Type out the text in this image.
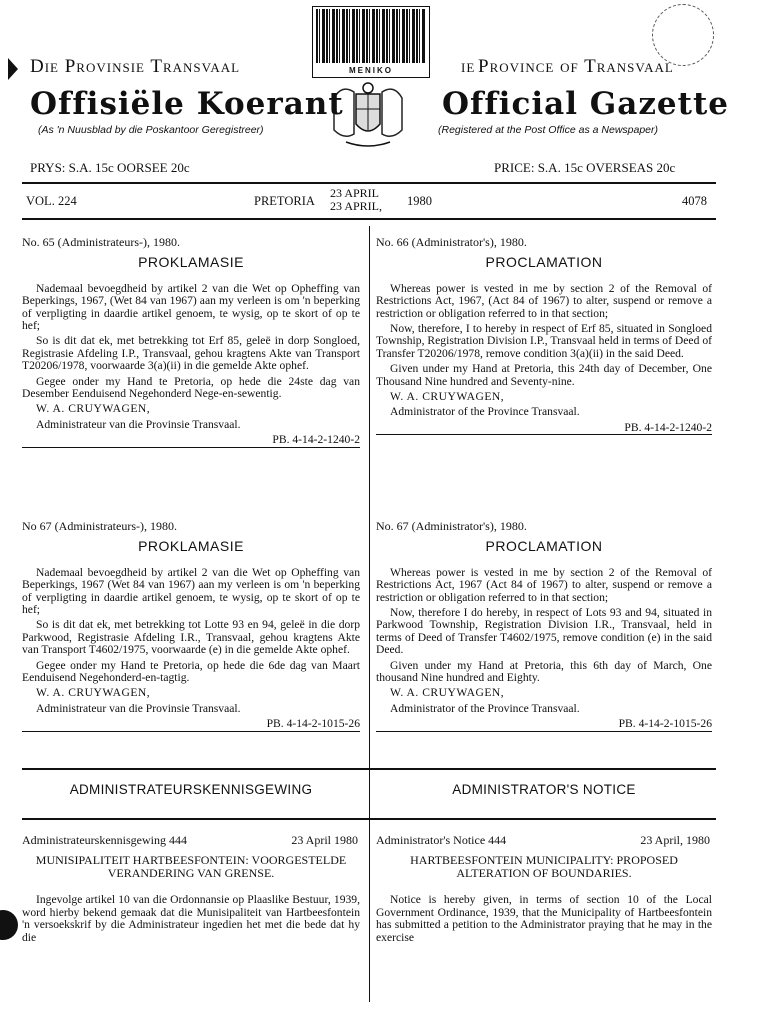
Die Provinsie Transvaal	ie Province of Transvaal
MENIKO
Offisiële Koerant	Official Gazette
(As 'n Nuusblad by die Poskantoor Geregistreer)	(Registered at the Post Office as a Newspaper)
PRYS: S.A. 15c OORSEE 20c	PRICE: S.A. 15c OVERSEAS 20c
VOL. 224	PRETORIA
23 APRIL
23 APRIL, 1980	4078
No. 65 (Administrateurs-), 1980.
PROKLAMASIE

Nademaal bevoegdheid by artikel 2 van die Wet op Opheffing van Beperkings, 1967, (Wet 84 van 1967) aan my verleen is om 'n beperking of verpligting in daardie artikel genoem, te wysig, op te skort of op te hef;

So is dit dat ek, met betrekking tot Erf 85, geleë in dorp Songloed, Registrasie Afdeling I.P., Transvaal, gehou kragtens Akte van Transport T20206/1978, voorwaarde 3(a)(ii) in die gemelde Akte ophef.

Gegee onder my Hand te Pretoria, op hede die 24ste dag van Desember Eenduisend Negehonderd Nege-en-sewentig.

W. A. CRUYWAGEN,

Administrateur van die Provinsie Transvaal.

PB. 4-14-2-1240-2
No. 66 (Administrator's), 1980.
PROCLAMATION

Whereas power is vested in me by section 2 of the Removal of Restrictions Act, 1967, (Act 84 of 1967) to alter, suspend or remove a restriction or obligation referred to in that section;

Now, therefore, I to hereby in respect of Erf 85, situated in Songloed Township, Registration Division I.P., Transvaal held in terms of Deed of Transfer T20206/1978, remove condition 3(a)(ii) in the said Deed.

Given under my Hand at Pretoria, this 24th day of December, One Thousand Nine hundred and Seventy-nine.

W. A. CRUYWAGEN,

Administrator of the Province Transvaal.

PB. 4-14-2-1240-2
No 67 (Administrateurs-), 1980.
PROKLAMASIE

Nademaal bevoegdheid by artikel 2 van die Wet op Opheffing van Beperkings, 1967 (Wet 84 van 1967) aan my verleen is om 'n beperking of verpligting in daardie artikel genoem, te wysig, op te skort of op te hef;

So is dit dat ek, met betrekking tot Lotte 93 en 94, geleë in die dorp Parkwood, Registrasie Afdeling I.R., Transvaal, gehou kragtens Akte van Transport T4602/1975, voorwaarde (e) in die gemelde Akte ophef.

Gegee onder my Hand te Pretoria, op hede die 6de dag van Maart Eenduisend Negehonderd-en-tagtig.

W. A. CRUYWAGEN,

Administrateur van die Provinsie Transvaal.

PB. 4-14-2-1015-26
No. 67 (Administrator's), 1980.
PROCLAMATION

Whereas power is vested in me by section 2 of the Removal of Restrictions Act, 1967 (Act 84 of 1967) to alter, suspend or remove a restriction or obligation referred to in that section;

Now, therefore I do hereby, in respect of Lots 93 and 94, situated in Parkwood Township, Registration Division I.R., Transvaal, held in terms of Deed of Transfer T4602/1975, remove condition (e) in the said Deed.

Given under my Hand at Pretoria, this 6th day of March, One thousand Nine hundred and Eighty.

W. A. CRUYWAGEN,

Administrator of the Province Transvaal.

PB. 4-14-2-1015-26
ADMINISTRATEURSKENNISGEWING	ADMINISTRATOR'S NOTICE
Administrateurskennisgewing 444	23 April 1980
MUNISIPALITEIT HARTBEESFONTEIN: VOORGESTELDE VERANDERING VAN GRENSE.

Ingevolge artikel 10 van die Ordonnansie op Plaaslike Bestuur, 1939, word hierby bekend gemaak dat die Munisipaliteit van Hartbeesfontein 'n versoekskrif by die Administrateur ingedien het met die bede dat hy die

Administrator's Notice 444	23 April, 1980
HARTBEESFONTEIN MUNICIPALITY: PROPOSED ALTERATION OF BOUNDARIES.

Notice is hereby given, in terms of section 10 of the Local Government Ordinance, 1939, that the Municipality of Hartbeesfontein has submitted a petition to the Administrator praying that he may in the exercise
